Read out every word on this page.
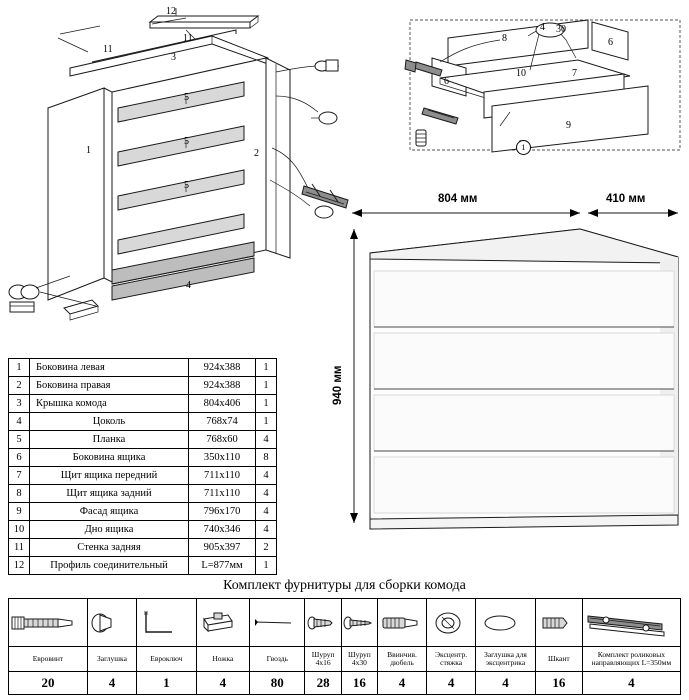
12
11
11
3
5
5
5
1	2
4
4 30
8	6
6
10	7
9
1
804 мм	410 мм
940 мм
1	Боковина левая	924x388	1
2	Боковина правая	924x388	1
3	Крышка комода	804х406	1
4	Цоколь	768х74	1
5	Планка	768х60	4
6	Боковина ящика	350х110	8
7	Щит ящика передний	711х110	4
8	Щит ящика задний	711х110	4
9	Фасад ящика	796х170	4
10	Дно ящика	740х346	4
11	Стенка задняя	905х397	2
12	Профиль соединительный	L=877мм	1
Комплект фурнитуры для сборки комода

Евровинт	Заглушка	Еврoключ	Ножка	Гвоздь	Шуруп 4х16	Шуруп 4х30	Ввинчив. дюбель	Эксцентр. стяжка	Заглушка для эксцентрика	Шкант	Комплект роликовых направляющих L=350мм
20	4	1	4	80	28	16	4	4	4	16	4
